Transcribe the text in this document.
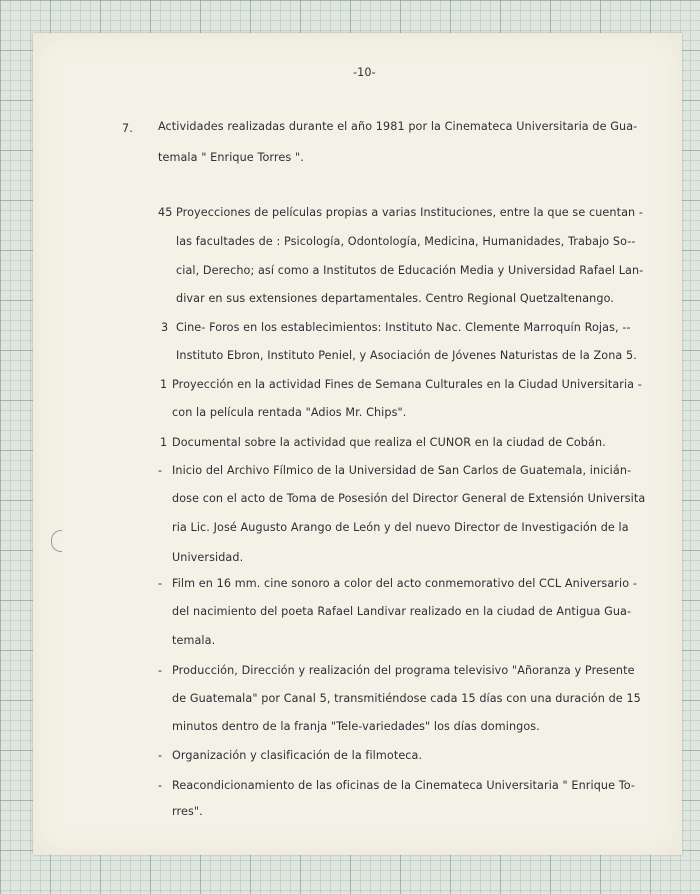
-10-
7. Actividades realizadas durante el año 1981 por la Cinemateca Universitaria de Gua-
temala " Enrique Torres ".
45 Proyecciones de películas propias a varias Instituciones, entre la que se cuentan -
las facultades de : Psicología, Odontología, Medicina, Humanidades, Trabajo So--
cial, Derecho; así como a Institutos de Educación Media y Universidad Rafael Lan-
divar en sus extensiones departamentales. Centro Regional Quetzaltenango.
3 Cine- Foros en los establecimientos: Instituto Nac. Clemente Marroquín Rojas, --
Instituto Ebron, Instituto Peniel, y Asociación de Jóvenes Naturistas de la Zona 5.
1 Proyección en la actividad Fines de Semana Culturales en la Ciudad Universitaria -
con la película rentada "Adios Mr. Chips".
1 Documental sobre la actividad que realiza el CUNOR en la ciudad de Cobán.
- Inicio del Archivo Fílmico de la Universidad de San Carlos de Guatemala, inicián-
dose con el acto de Toma de Posesión del Director General de Extensión Universita
ria Lic. José Augusto Arango de León y del nuevo Director de Investigación de la
Universidad.
- Film en 16 mm. cine sonoro a color del acto conmemorativo del CCL Aniversario -
del nacimiento del poeta Rafael Landivar realizado en la ciudad de Antigua Gua-
temala.
- Producción, Dirección y realización del programa televisivo "Añoranza y Presente
de Guatemala" por Canal 5, transmitiéndose cada 15 días con una duración de 15
minutos dentro de la franja "Tele-variedades" los días domingos.
- Organización y clasificación de la filmoteca.
- Reacondicionamiento de las oficinas de la Cinemateca Universitaria " Enrique To-
rres".
